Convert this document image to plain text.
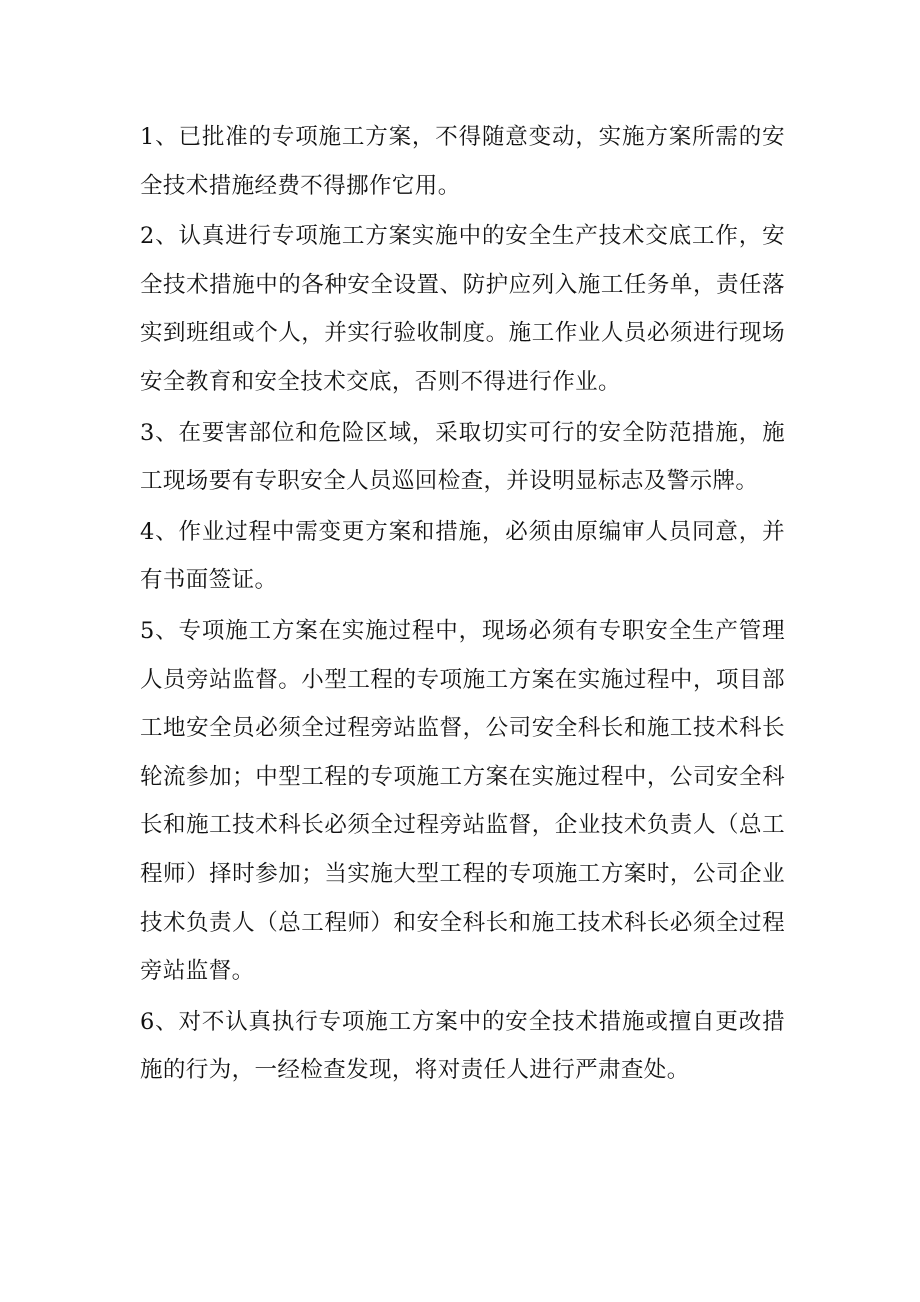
1、已批准的专项施工方案，不得随意变动，实施方案所需的安全技术措施经费不得挪作它用。

2、认真进行专项施工方案实施中的安全生产技术交底工作，安全技术措施中的各种安全设置、防护应列入施工任务单，责任落实到班组或个人，并实行验收制度。施工作业人员必须进行现场安全教育和安全技术交底，否则不得进行作业。

3、在要害部位和危险区域，采取切实可行的安全防范措施，施工现场要有专职安全人员巡回检查，并设明显标志及警示牌。

4、作业过程中需变更方案和措施，必须由原编审人员同意，并有书面签证。

5、专项施工方案在实施过程中，现场必须有专职安全生产管理人员旁站监督。小型工程的专项施工方案在实施过程中，项目部工地安全员必须全过程旁站监督，公司安全科长和施工技术科长轮流参加；中型工程的专项施工方案在实施过程中，公司安全科长和施工技术科长必须全过程旁站监督，企业技术负责人（总工程师）择时参加；当实施大型工程的专项施工方案时，公司企业技术负责人（总工程师）和安全科长和施工技术科长必须全过程旁站监督。

6、对不认真执行专项施工方案中的安全技术措施或擅自更改措施的行为，一经检查发现，将对责任人进行严肃查处。
